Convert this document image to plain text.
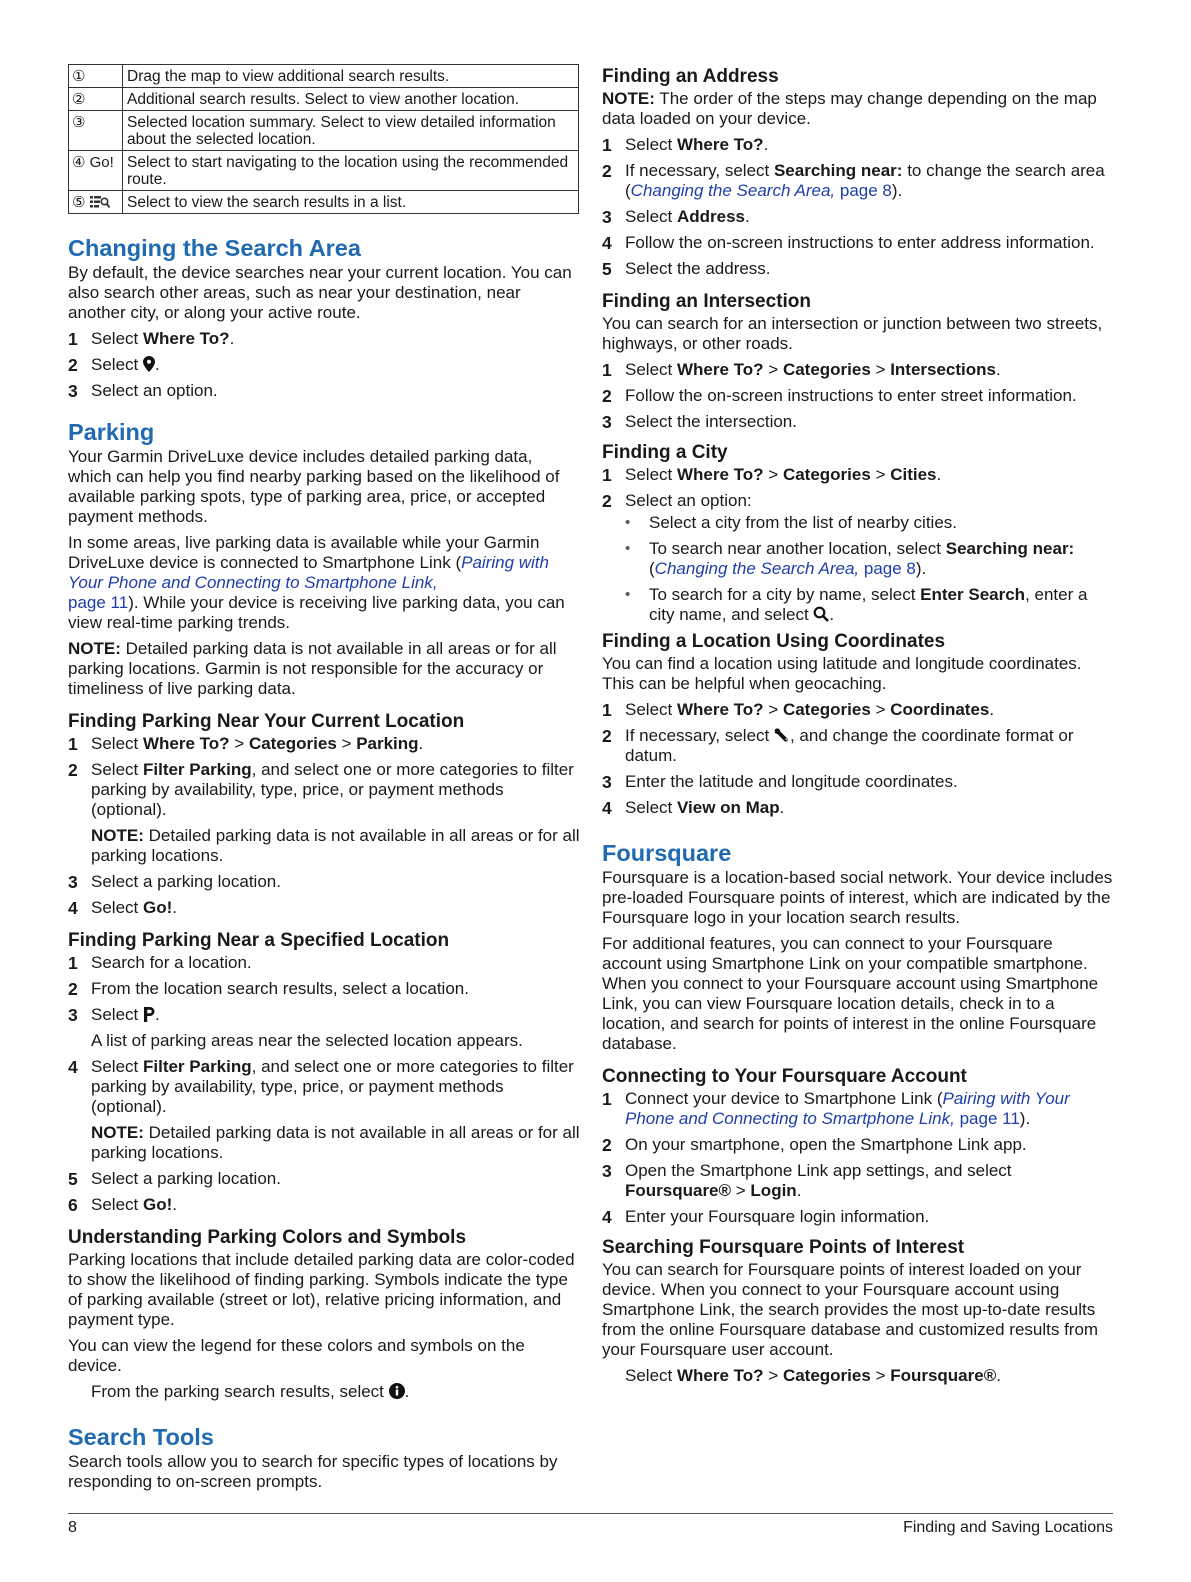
①	Drag the map to view additional search results.
②	Additional search results. Select to view another location.
③	Selected location summary. Select to view detailed information about the selected location.
④ Go!	Select to start navigating to the location using the recommended route.
⑤	Select to view the search results in a list.
Changing the Search Area

By default, the device searches near your current location. You can also search other areas, such as near your destination, near another city, or along your active route.

1 Select Where To?.
2 Select .
3 Select an option.
Parking

Your Garmin DriveLuxe device includes detailed parking data, which can help you find nearby parking based on the likelihood of available parking spots, type of parking area, price, or accepted payment methods.

In some areas, live parking data is available while your Garmin DriveLuxe device is connected to Smartphone Link (Pairing with Your Phone and Connecting to Smartphone Link,
page 11). While your device is receiving live parking data, you can view real-time parking trends.

NOTE: Detailed parking data is not available in all areas or for all parking locations. Garmin is not responsible for the accuracy or timeliness of live parking data.

Finding Parking Near Your Current Location
1 Select Where To? > Categories > Parking.
2 Select Filter Parking, and select one or more categories to filter parking by availability, type, price, or payment methods (optional).

NOTE: Detailed parking data is not available in all areas or for all parking locations.

3 Select a parking location.
4 Select Go!.
Finding Parking Near a Specified Location
1 Search for a location.
2 From the location search results, select a location.
3 Select .

A list of parking areas near the selected location appears.

4 Select Filter Parking, and select one or more categories to filter parking by availability, type, price, or payment methods (optional).

NOTE: Detailed parking data is not available in all areas or for all parking locations.

5 Select a parking location.
6 Select Go!.
Understanding Parking Colors and Symbols

Parking locations that include detailed parking data are color-coded to show the likelihood of finding parking. Symbols indicate the type of parking available (street or lot), relative pricing information, and payment type.

You can view the legend for these colors and symbols on the device.

From the parking search results, select .

Search Tools

Search tools allow you to search for specific types of locations by responding to on-screen prompts.

Finding an Address

NOTE: The order of the steps may change depending on the map data loaded on your device.

1 Select Where To?.
2 If necessary, select Searching near: to change the search area (Changing the Search Area, page 8).
3 Select Address.
4 Follow the on-screen instructions to enter address information.
5 Select the address.
Finding an Intersection

You can search for an intersection or junction between two streets, highways, or other roads.

1 Select Where To? > Categories > Intersections.
2 Follow the on-screen instructions to enter street information.
3 Select the intersection.
Finding a City
1 Select Where To? > Categories > Cities.
2 Select an option:
• Select a city from the list of nearby cities.
• To search near another location, select Searching near: (Changing the Search Area, page 8).
• To search for a city by name, select Enter Search, enter a city name, and select .
Finding a Location Using Coordinates

You can find a location using latitude and longitude coordinates. This can be helpful when geocaching.

1 Select Where To? > Categories > Coordinates.
2 If necessary, select , and change the coordinate format or datum.
3 Enter the latitude and longitude coordinates.
4 Select View on Map.
Foursquare

Foursquare is a location-based social network. Your device includes pre-loaded Foursquare points of interest, which are indicated by the Foursquare logo in your location search results.

For additional features, you can connect to your Foursquare account using Smartphone Link on your compatible smartphone. When you connect to your Foursquare account using Smartphone Link, you can view Foursquare location details, check in to a location, and search for points of interest in the online Foursquare database.

Connecting to Your Foursquare Account
1 Connect your device to Smartphone Link (Pairing with Your Phone and Connecting to Smartphone Link, page 11).
2 On your smartphone, open the Smartphone Link app.
3 Open the Smartphone Link app settings, and select Foursquare® > Login.
4 Enter your Foursquare login information.
Searching Foursquare Points of Interest

You can search for Foursquare points of interest loaded on your device. When you connect to your Foursquare account using Smartphone Link, the search provides the most up-to-date results from the online Foursquare database and customized results from your Foursquare user account.

Select Where To? > Categories > Foursquare®.

8	Finding and Saving Locations
